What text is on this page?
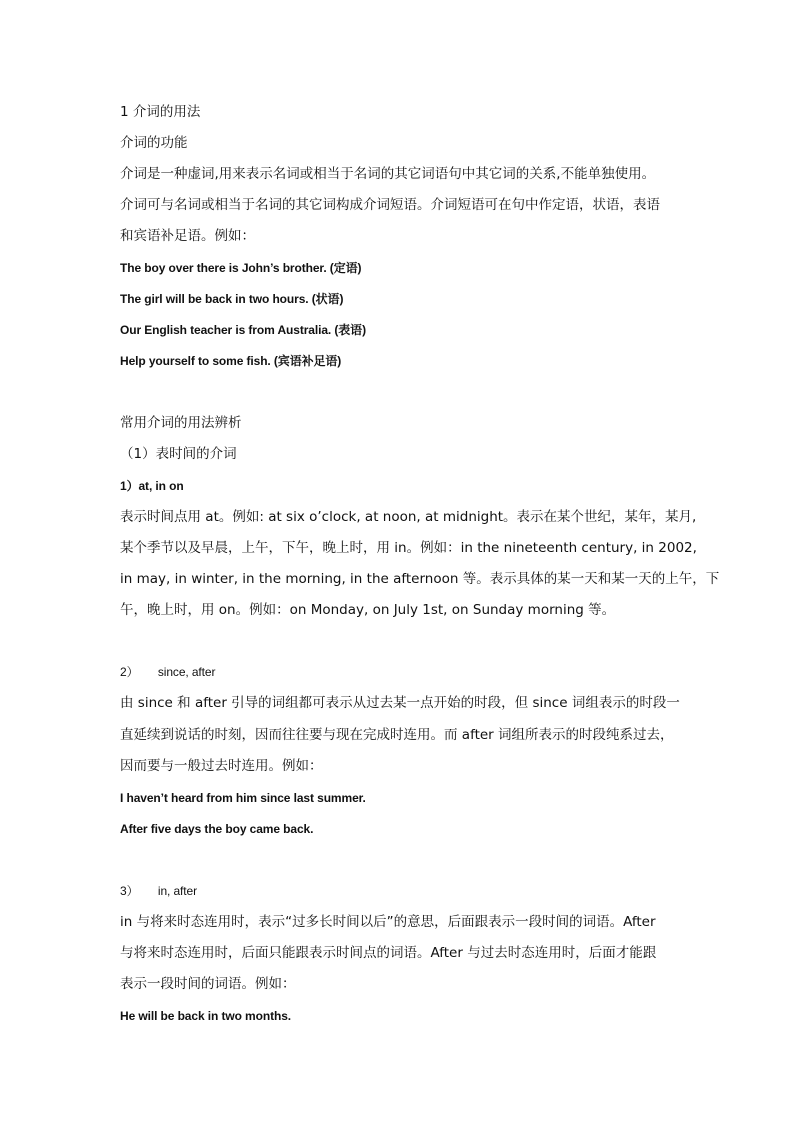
1 介词的用法
介词的功能
介词是一种虚词,用来表示名词或相当于名词的其它词语句中其它词的关系,不能单独使用。
介词可与名词或相当于名词的其它词构成介词短语。介词短语可在句中作定语，状语，表语
和宾语补足语。例如：
The boy over there is John’s brother. (定语)
The girl will be back in two hours. (状语)
Our English teacher is from Australia. (表语)
Help yourself to some fish. (宾语补足语)
常用介词的用法辨析
（1）表时间的介词
1）at, in on
表示时间点用 at。例如: at six o’clock, at noon, at midnight。表示在某个世纪，某年，某月,
某个季节以及早晨，上午，下午，晚上时，用 in。例如：in the nineteenth century, in 2002,
in may, in winter, in the morning, in the afternoon 等。表示具体的某一天和某一天的上午，下
午，晚上时，用 on。例如：on Monday, on July 1st, on Sunday morning 等。
2）      since, after
由 since 和 after 引导的词组都可表示从过去某一点开始的时段，但 since 词组表示的时段一
直延续到说话的时刻，因而往往要与现在完成时连用。而 after 词组所表示的时段纯系过去，
因而要与一般过去时连用。例如：
I haven’t heard from him since last summer.
After five days the boy came back.
3）      in, after
in 与将来时态连用时，表示“过多长时间以后”的意思，后面跟表示一段时间的词语。After
与将来时态连用时，后面只能跟表示时间点的词语。After 与过去时态连用时，后面才能跟
表示一段时间的词语。例如：
He will be back in two months.
